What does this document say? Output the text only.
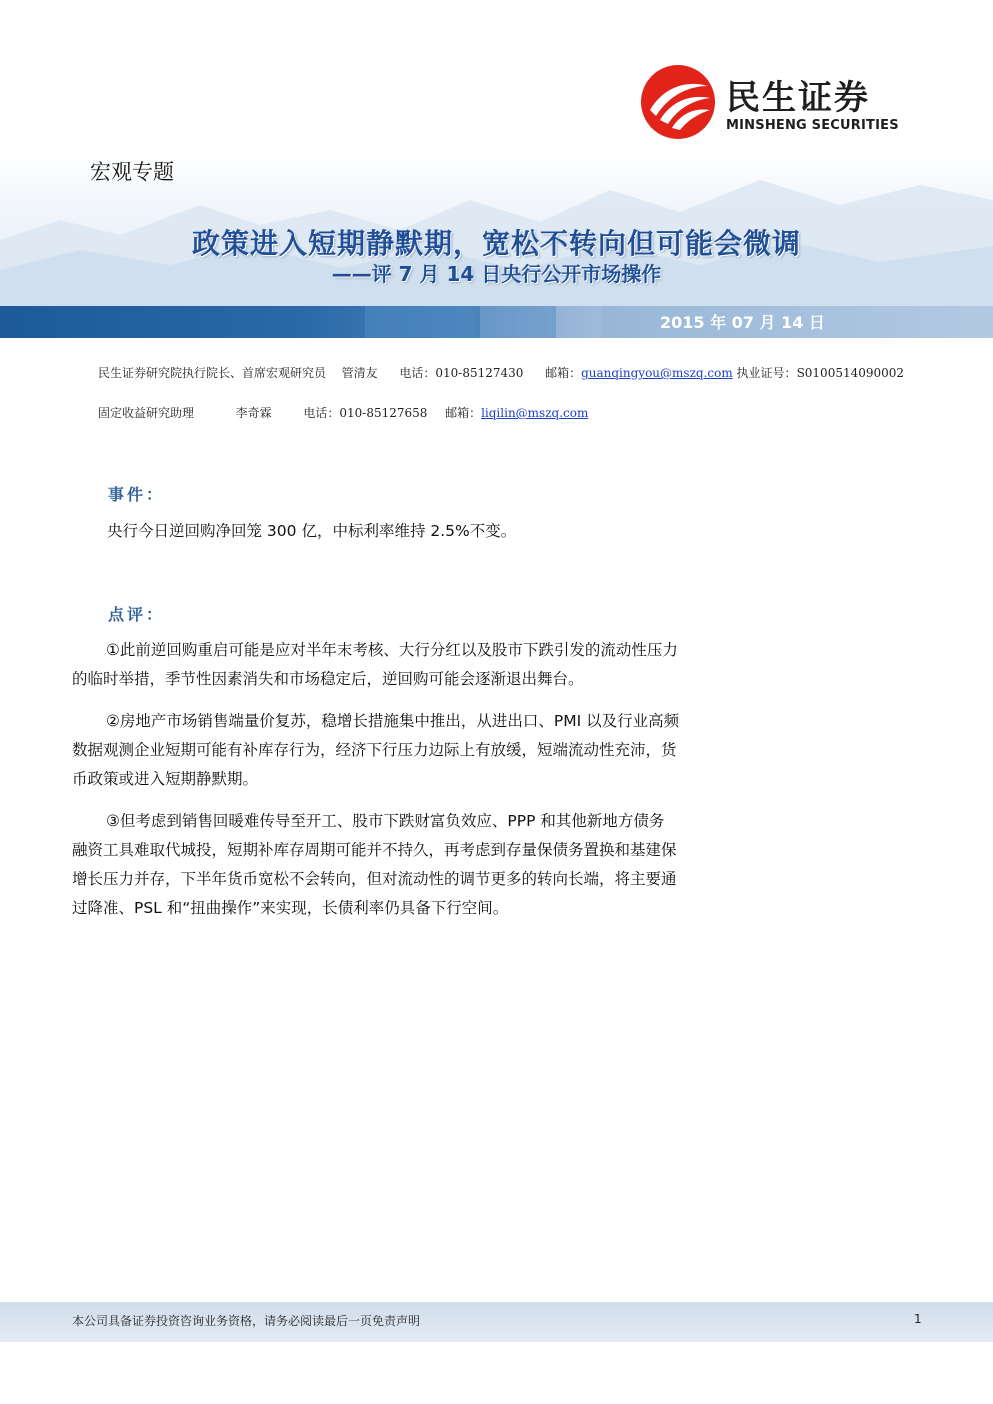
民生证券
MINSHENG SECURITIES
宏观专题
政策进入短期静默期，宽松不转向但可能会微调
——评 7 月 14 日央行公开市场操作
2015 年 07 月 14 日
民生证券研究院执行院长、首席宏观研究员 管清友 电话：010-85127430 邮箱：guanqingyou@mszq.com 执业证号：S0100514090002
固定收益研究助理	李奇霖	电话：010-85127658 邮箱：liqilin@mszq.com
事件：
央行今日逆回购净回笼 300 亿，中标利率维持 2.5%不变。
点评：
①此前逆回购重启可能是应对半年末考核、大行分红以及股市下跌引发的流动性压力
的临时举措，季节性因素消失和市场稳定后，逆回购可能会逐渐退出舞台。
②房地产市场销售端量价复苏，稳增长措施集中推出，从进出口、PMI 以及行业高频
数据观测企业短期可能有补库存行为，经济下行压力边际上有放缓，短端流动性充沛，货
币政策或进入短期静默期。
③但考虑到销售回暖难传导至开工、股市下跌财富负效应、PPP 和其他新地方债务
融资工具难取代城投，短期补库存周期可能并不持久，再考虑到存量保债务置换和基建保
增长压力并存，下半年货币宽松不会转向，但对流动性的调节更多的转向长端，将主要通
过降准、PSL 和“扭曲操作”来实现，长债利率仍具备下行空间。
本公司具备证券投资咨询业务资格，请务必阅读最后一页免责声明	1
